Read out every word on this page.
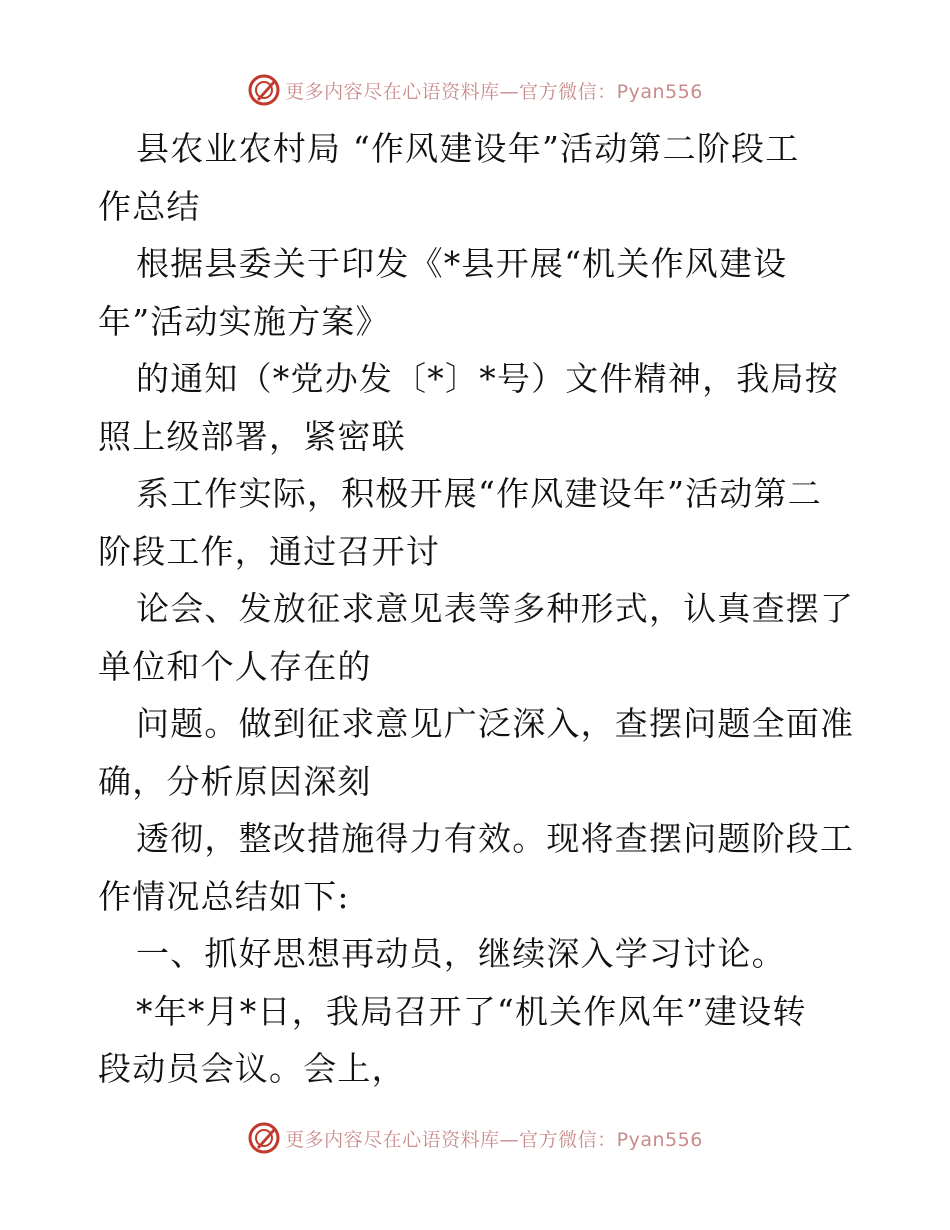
更多内容尽在心语资料库—官方微信：Pyan556
县农业农村局 “作风建设年”活动第二阶段工
作总结
根据县委关于印发《*县开展“机关作风建设
年”活动实施方案》
的通知（*党办发〔*〕*号）文件精神，我局按
照上级部署，紧密联
系工作实际，积极开展“作风建设年”活动第二
阶段工作，通过召开讨
论会、发放征求意见表等多种形式，认真查摆了
单位和个人存在的
问题。做到征求意见广泛深入，查摆问题全面准
确，分析原因深刻
透彻，整改措施得力有效。现将查摆问题阶段工
作情况总结如下:
一、抓好思想再动员，继续深入学习讨论。
*年*月*日，我局召开了“机关作风年”建设转
段动员会议。会上，
更多内容尽在心语资料库—官方微信：Pyan556
